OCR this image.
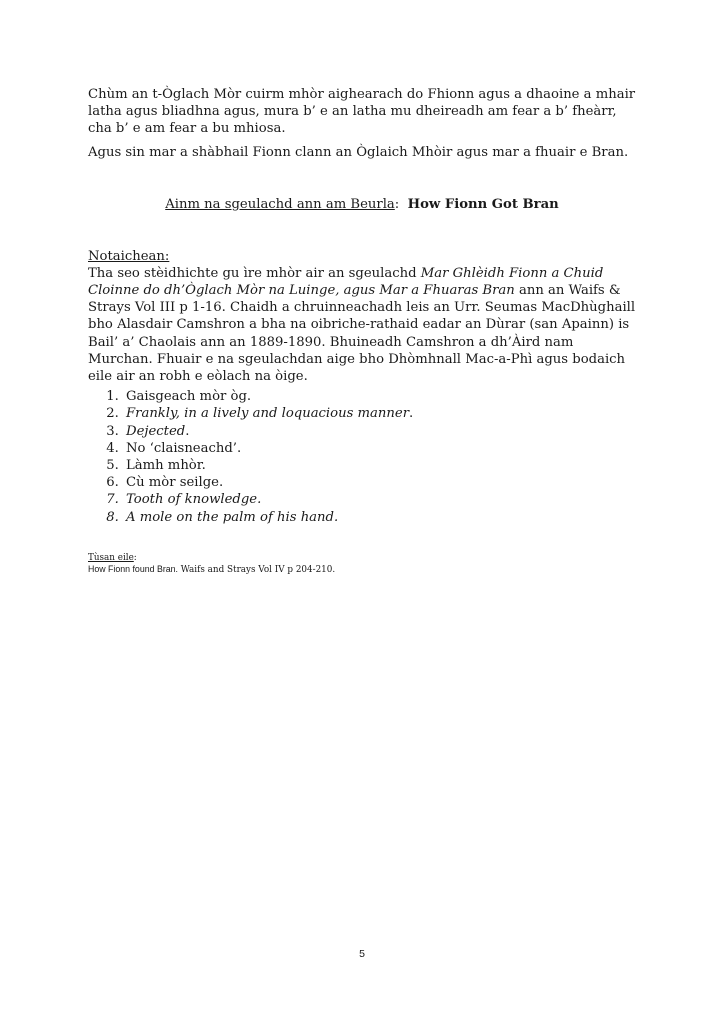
Chùm an t-Òglach Mòr cuirm mhòr aighearach do Fhionn agus a dhaoine a mhair latha agus bliadhna agus, mura b’ e an latha mu dheireadh am fear a b’ fheàrr, cha b’ e am fear a bu mhiosa.

Agus sin mar a shàbhail Fionn clann an Òglaich Mhòir agus mar a fhuair e Bran.

Ainm na sgeulachd ann am Beurla: How Fionn Got Bran
Notaichean:

Tha seo stèidhichte gu ìre mhòr air an sgeulachd Mar Ghlèidh Fionn a Chuid Cloinne do dh’Òglach Mòr na Luinge, agus Mar a Fhuaras Bran ann an Waifs & Strays Vol III p 1-16. Chaidh a chruinneachadh leis an Urr. Seumas MacDhùghaill bho Alasdair Camshron a bha na oibriche-rathaid eadar an Dùrar (san Apainn) is Bail’ a’ Chaolais ann an 1889-1890. Bhuineadh Camshron a dh’Àird nam Murchan. Fhuair e na sgeulachdan aige bho Dhòmhnall Mac-a-Phì agus bodaich eile air an robh e eòlach na òige.

1. Gaisgeach mòr òg.
2. Frankly, in a lively and loquacious manner.
3. Dejected.
4. No ‘claisneachd’.
5. Làmh mhòr.
6. Cù mòr seilge.
7. Tooth of knowledge.
8. A mole on the palm of his hand.
Tùsan eile:
How Fionn found Bran. Waifs and Strays Vol IV p 204-210.
5
